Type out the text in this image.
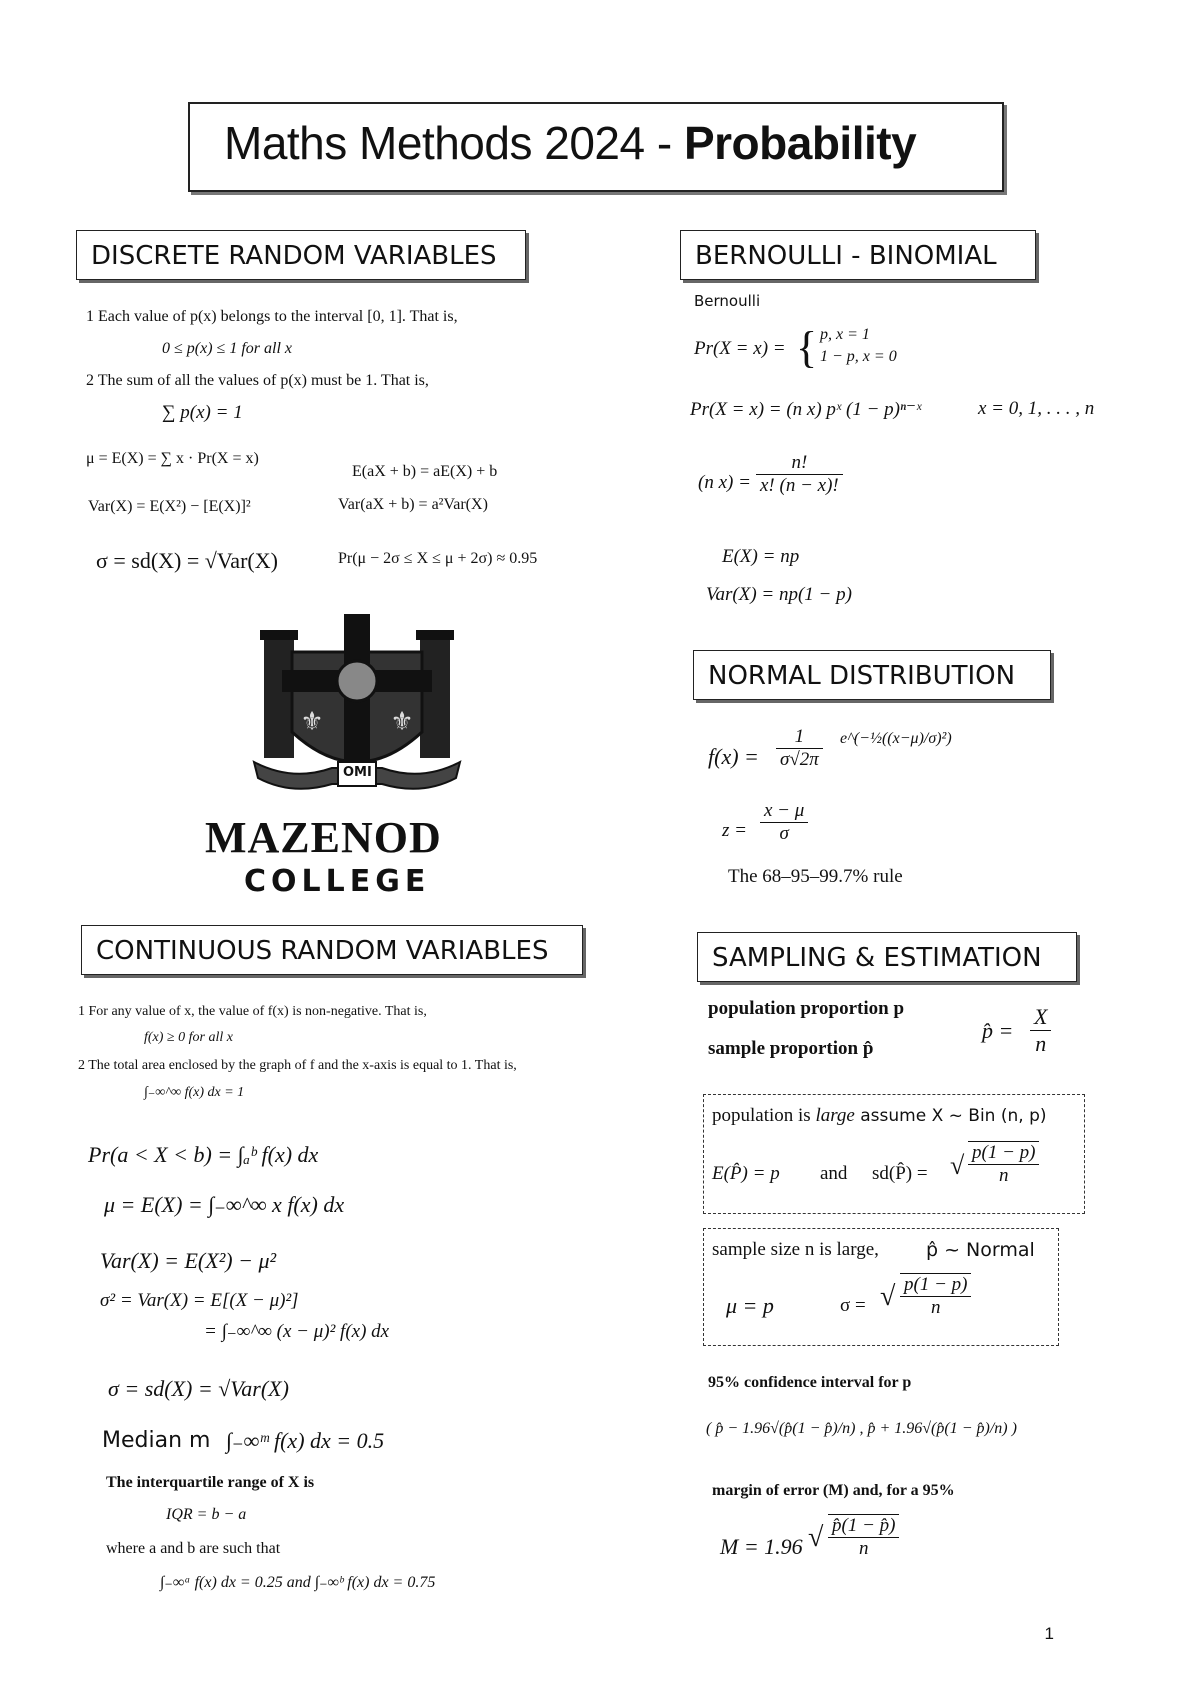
Maths Methods 2024 - Probability
DISCRETE RANDOM VARIABLES	BERNOULLI - BINOMIAL
NORMAL DISTRIBUTION
CONTINUOUS RANDOM VARIABLES	SAMPLING & ESTIMATION
1 Each value of p(x) belongs to the interval [0, 1]. That is,
0 ≤ p(x) ≤ 1 for all x
2 The sum of all the values of p(x) must be 1. That is,
∑ p(x) = 1
μ = E(X) = ∑ x · Pr(X = x)
E(aX + b) = aE(X) + b
Var(X) = E(X²) − [E(X)]²	Var(aX + b) = a²Var(X)
σ = sd(X) = √Var(X)	Pr(μ − 2σ ≤ X ≤ μ + 2σ) ≈ 0.95
⚜	⚜
OMI
MAZENOD
COLLEGE
Bernoulli
Pr(X = x) = { p, x = 1
1 − p, x = 0
Pr(X = x) = (n x) pˣ (1 − p)ⁿ⁻ˣ	x = 0, 1, . . . , n
(n $x) = \frac{n!}{x! (n - x)!}$
E(X) = np
Var(X) = np(1 − p)
$f(x) = \frac{1}{\sigma√2\pi}$ e^(−½((x−μ)/σ)²)
$z = \frac{x - \mu}{\sigma}$
The 68–95–99.7% rule
1 For any value of x, the value of f(x) is non-negative. That is,
f(x) ≥ 0 for all x
2 The total area enclosed by the graph of f and the x-axis is equal to 1. That is,
∫₋∞^∞ f(x) dx = 1
Pr(a < X < b) = ∫ₐᵇ f(x) dx
μ = E(X) = ∫₋∞^∞ x f(x) dx
Var(X) = E(X²) − μ²
σ² = Var(X) = E[(X − μ)²]
= ∫₋∞^∞ (x − μ)² f(x) dx
σ = sd(X) = √Var(X)
Median m ∫₋∞ᵐ f(x) dx = 0.5
The interquartile range of X is
IQR = b − a
where a and b are such that
∫₋∞ᵃ f(x) dx = 0.25 and ∫₋∞ᵇ f(x) dx = 0.75
population proportion p
sample proportion p̂
p̂ = $\frac{X}{n}$
population is large assume X ~ Bin (n, p)
E(P̂) = p and sd(P̂) = √ $\frac{p(1 - p)}{n}$
sample size n is large, p̂ ~ Normal
μ = p	σ = √ $\frac{p(1 - p)}{n}$
95% confidence interval for p
( p̂ − 1.96√(p̂(1 − p̂)/n) , p̂ + 1.96√(p̂(1 − p̂)/n) )
margin of error (M) and, for a 95%
M = 1.96 √ $\frac{p̂(1 - p̂)}{n}$
1
